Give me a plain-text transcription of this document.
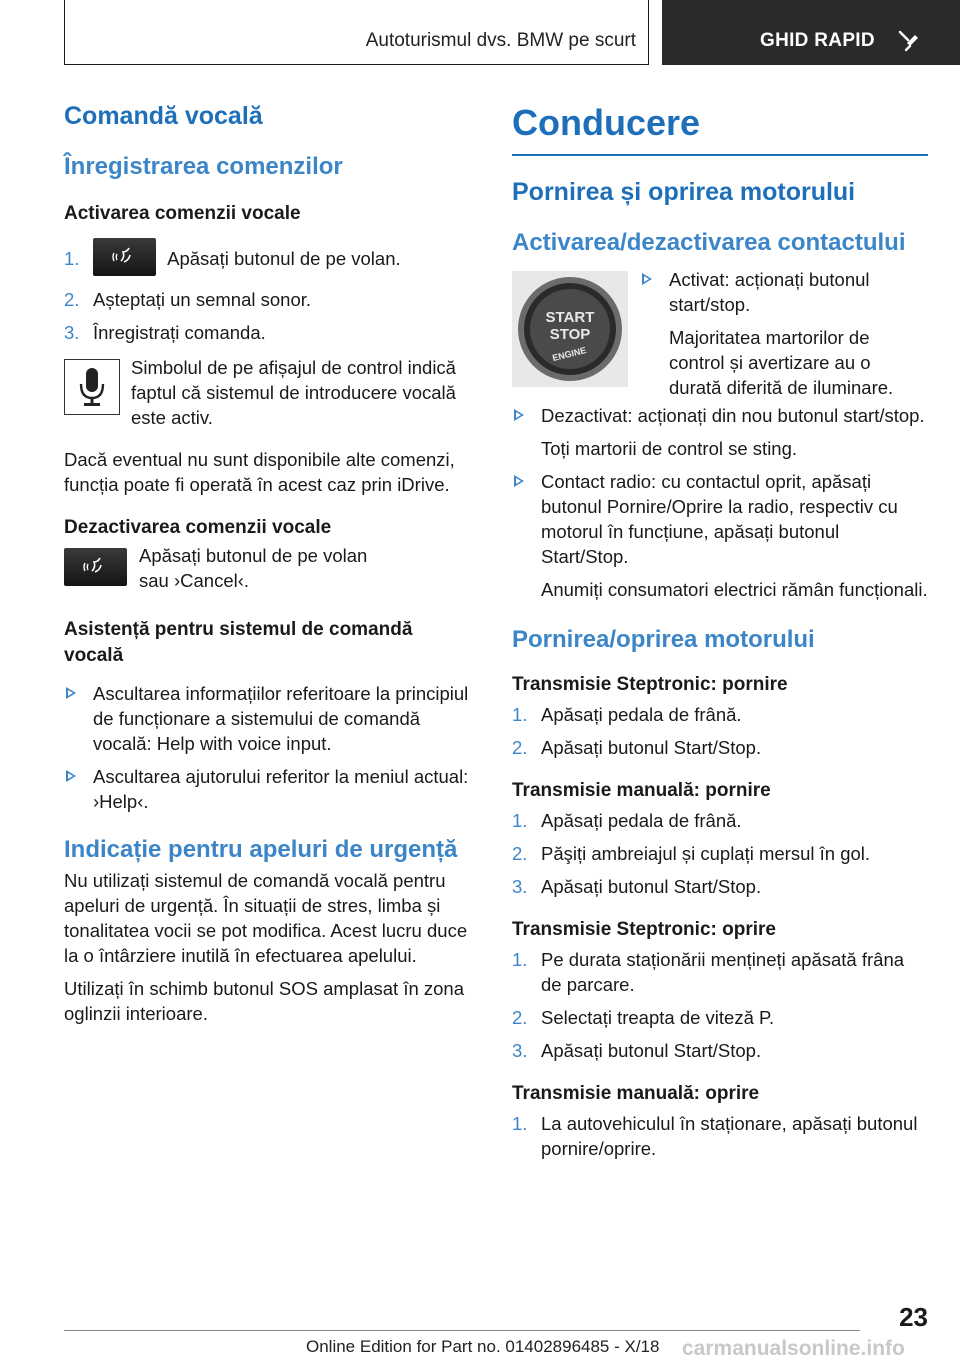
Autoturismul dvs. BMW pe scurt	GHID RAPID
Comandă vocală
Înregistrarea comenzilor
Activarea comenzii vocale
1.	Apăsați butonul de pe volan.
2. Așteptați un semnal sonor.
3. Înregistrați comanda.

Simbolul de pe afișajul de control indică faptul că sistemul de introducere vocală este activ.

Dacă eventual nu sunt disponibile alte comenzi, funcția poate fi operată în acest caz prin iDrive.

Dezactivarea comenzii vocale

Apăsați butonul de pe volan sau ›Cancel‹.

Asistență pentru sistemul de comandă vocală
Ascultarea informațiilor referitoare la principiul de funcționare a sistemului de comandă vocală: Help with voice input.
Ascultarea ajutorului referitor la meniul actual: ›Help‹.
Indicație pentru apeluri de urgență

Nu utilizați sistemul de comandă vocală pentru apeluri de urgență. În situații de stres, limba și tonalitatea vocii se pot modifica. Acest lucru duce la o întârziere inutilă în efectuarea apelului.

Utilizați în schimb butonul SOS amplasat în zona oglinzii interioare.

Conducere
Pornirea și oprirea motorului
Activarea/dezactivarea contactului
START
STOP
ENGINE

Activat: acționați butonul start/stop.

Majoritatea martorilor de control și avertizare au o durată diferită de iluminare.

Dezactivat: acționați din nou butonul start/stop.

Toți martorii de control se sting.

Contact radio: cu contactul oprit, apăsați butonul Pornire/Oprire la radio, respectiv cu motorul în funcțiune, apăsați butonul Start/Stop.

Anumiți consumatori electrici rămân funcționali.

Pornirea/oprirea motorului
Transmisie Steptronic: pornire
1. Apăsați pedala de frână.
2. Apăsați butonul Start/Stop.
Transmisie manuală: pornire
1. Apăsați pedala de frână.
2. Păşiți ambreiajul și cuplați mersul în gol.
3. Apăsați butonul Start/Stop.
Transmisie Steptronic: oprire
1. Pe durata staționării mențineți apăsată frâna de parcare.
2. Selectați treapta de viteză P.
3. Apăsați butonul Start/Stop.
Transmisie manuală: oprire
1. La autovehiculul în staționare, apăsați butonul pornire/oprire.
23
Online Edition for Part no. 01402896485 - X/18 carmanualsonline.info
